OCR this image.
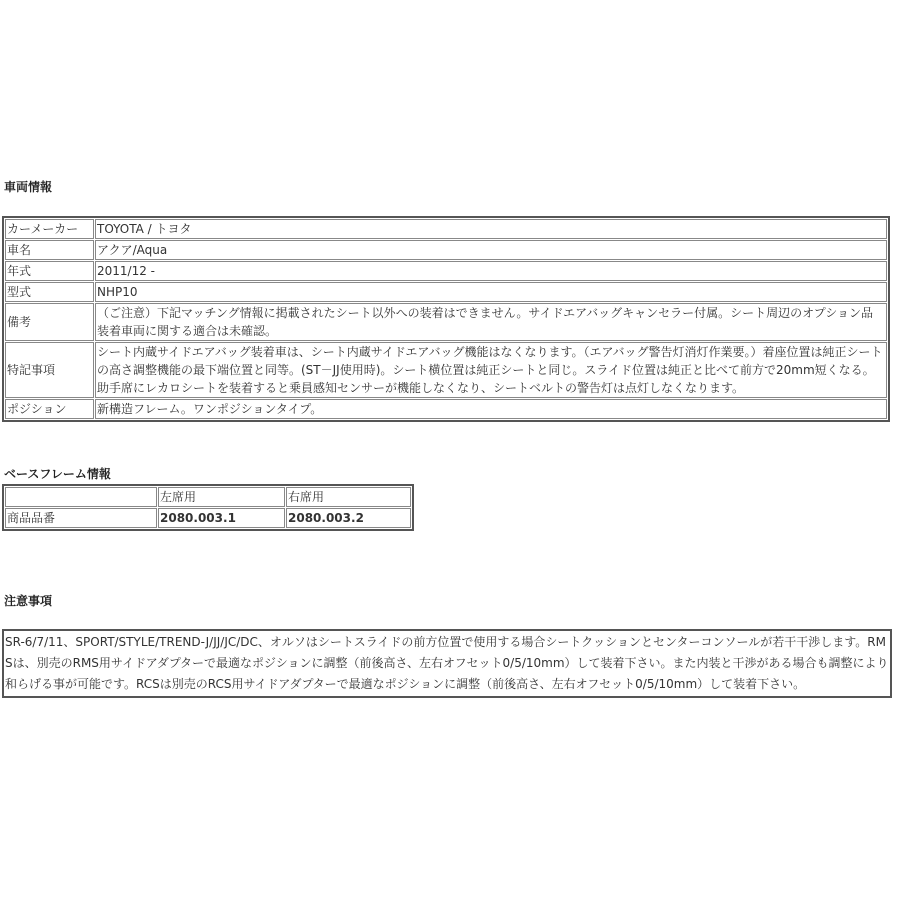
車両情報
カーメーカー	TOYOTA / トヨタ
車名	アクア/Aqua
年式	2011/12 -
型式	NHP10
備考	（ご注意）下記マッチング情報に掲載されたシート以外への装着はできません。サイドエアバッグキャンセラー付属。シート周辺のオプション品装着車両に関する適合は未確認。
特記事項	シート内蔵サイドエアバッグ装着車は、シート内蔵サイドエアバッグ機能はなくなります。（エアバッグ警告灯消灯作業要。）着座位置は純正シートの高さ調整機能の最下端位置と同等。(ST－JJ使用時)。シート横位置は純正シートと同じ。スライド位置は純正と比べて前方で20mm短くなる。助手席にレカロシートを装着すると乗員感知センサーが機能しなくなり、シートベルトの警告灯は点灯しなくなります。
ポジション	新構造フレーム。ワンポジションタイプ。
ベースフレーム情報
	左席用	右席用
商品品番	2080.003.1	2080.003.2
注意事項
SR-6/7/11、SPORT/STYLE/TREND-J/JJ/JC/DC、オルソはシートスライドの前方位置で使用する場合シートクッションとセンターコンソールが若干干渉します。RMSは、別売のRMS用サイドアダプターで最適なポジションに調整（前後高さ、左右オフセット0/5/10mm）して装着下さい。また内装と干渉がある場合も調整により和らげる事が可能です。RCSは別売のRCS用サイドアダプターで最適なポジションに調整（前後高さ、左右オフセット0/5/10mm）して装着下さい。
